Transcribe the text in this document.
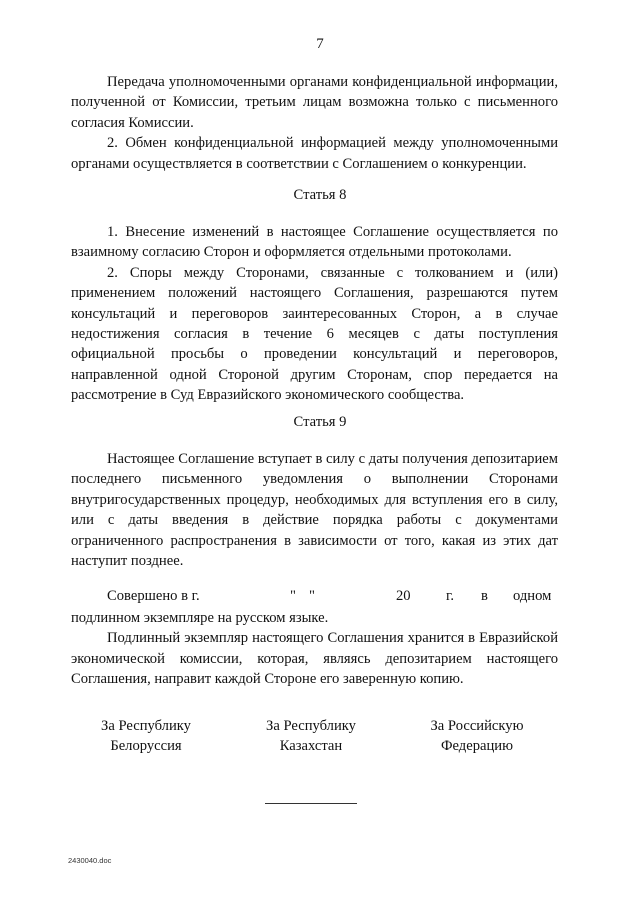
7

Передача уполномоченными органами конфиденциальной информации, полученной от Комиссии, третьим лицам возможна только с письменного согласия Комиссии.

2. Обмен конфиденциальной информацией между уполномоченными органами осуществляется в соответствии с Соглашением о конкуренции.

Статья 8

1. Внесение изменений в настоящее Соглашение осуществляется по взаимному согласию Сторон и оформляется отдельными протоколами.

2. Споры между Сторонами, связанные с толкованием и (или) применением положений настоящего Соглашения, разрешаются путем консультаций и переговоров заинтересованных Сторон, а в случае недостижения согласия в течение 6 месяцев с даты поступления официальной просьбы о проведении консультаций и переговоров, направленной одной Стороной другим Сторонам, спор передается на рассмотрение в Суд Евразийского экономического сообщества.

Статья 9

Настоящее Соглашение вступает в силу с даты получения депозитарием последнего письменного уведомления о выполнении Сторонами внутригосударственных процедур, необходимых для вступления его в силу, или с даты введения в действие порядка работы с документами ограниченного распространения в зависимости от того, какая из этих дат наступит позднее.

Совершено в г.	" "	20 г. в одном

подлинном экземпляре на русском языке.

Подлинный экземпляр настоящего Соглашения хранится в Евразийской экономической комиссии, которая, являясь депозитарием настоящего Соглашения, направит каждой Стороне его заверенную копию.

За Республику
Белоруссия
За Республику
Казахстан
За Российскую
Федерацию
2430040.doc
